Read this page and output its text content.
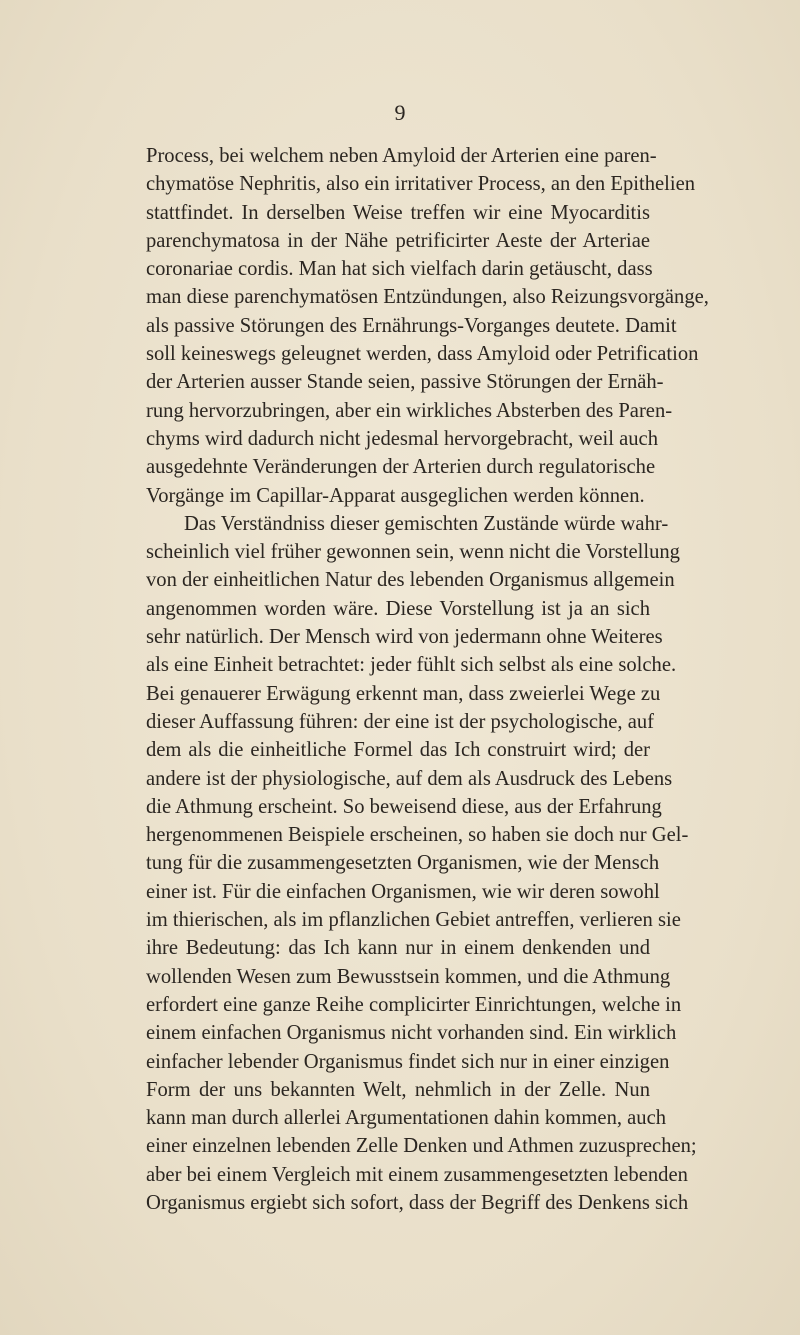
9
Process, bei welchem neben Amyloid der Arterien eine paren-
chymatöse Nephritis, also ein irritativer Process, an den Epithelien
stattfindet. In derselben Weise treffen wir eine Myocarditis
parenchymatosa in der Nähe petrificirter Aeste der Arteriae
coronariae cordis. Man hat sich vielfach darin getäuscht, dass
man diese parenchymatösen Entzündungen, also Reizungsvorgänge,
als passive Störungen des Ernährungs-Vorganges deutete. Damit
soll keineswegs geleugnet werden, dass Amyloid oder Petrification
der Arterien ausser Stande seien, passive Störungen der Ernäh-
rung hervorzubringen, aber ein wirkliches Absterben des Paren-
chyms wird dadurch nicht jedesmal hervorgebracht, weil auch
ausgedehnte Veränderungen der Arterien durch regulatorische
Vorgänge im Capillar-Apparat ausgeglichen werden können.
Das Verständniss dieser gemischten Zustände würde wahr-
scheinlich viel früher gewonnen sein, wenn nicht die Vorstellung
von der einheitlichen Natur des lebenden Organismus allgemein
angenommen worden wäre. Diese Vorstellung ist ja an sich
sehr natürlich. Der Mensch wird von jedermann ohne Weiteres
als eine Einheit betrachtet: jeder fühlt sich selbst als eine solche.
Bei genauerer Erwägung erkennt man, dass zweierlei Wege zu
dieser Auffassung führen: der eine ist der psychologische, auf
dem als die einheitliche Formel das Ich construirt wird; der
andere ist der physiologische, auf dem als Ausdruck des Lebens
die Athmung erscheint. So beweisend diese, aus der Erfahrung
hergenommenen Beispiele erscheinen, so haben sie doch nur Gel-
tung für die zusammengesetzten Organismen, wie der Mensch
einer ist. Für die einfachen Organismen, wie wir deren sowohl
im thierischen, als im pflanzlichen Gebiet antreffen, verlieren sie
ihre Bedeutung: das Ich kann nur in einem denkenden und
wollenden Wesen zum Bewusstsein kommen, und die Athmung
erfordert eine ganze Reihe complicirter Einrichtungen, welche in
einem einfachen Organismus nicht vorhanden sind. Ein wirklich
einfacher lebender Organismus findet sich nur in einer einzigen
Form der uns bekannten Welt, nehmlich in der Zelle. Nun
kann man durch allerlei Argumentationen dahin kommen, auch
einer einzelnen lebenden Zelle Denken und Athmen zuzusprechen;
aber bei einem Vergleich mit einem zusammengesetzten lebenden
Organismus ergiebt sich sofort, dass der Begriff des Denkens sich
